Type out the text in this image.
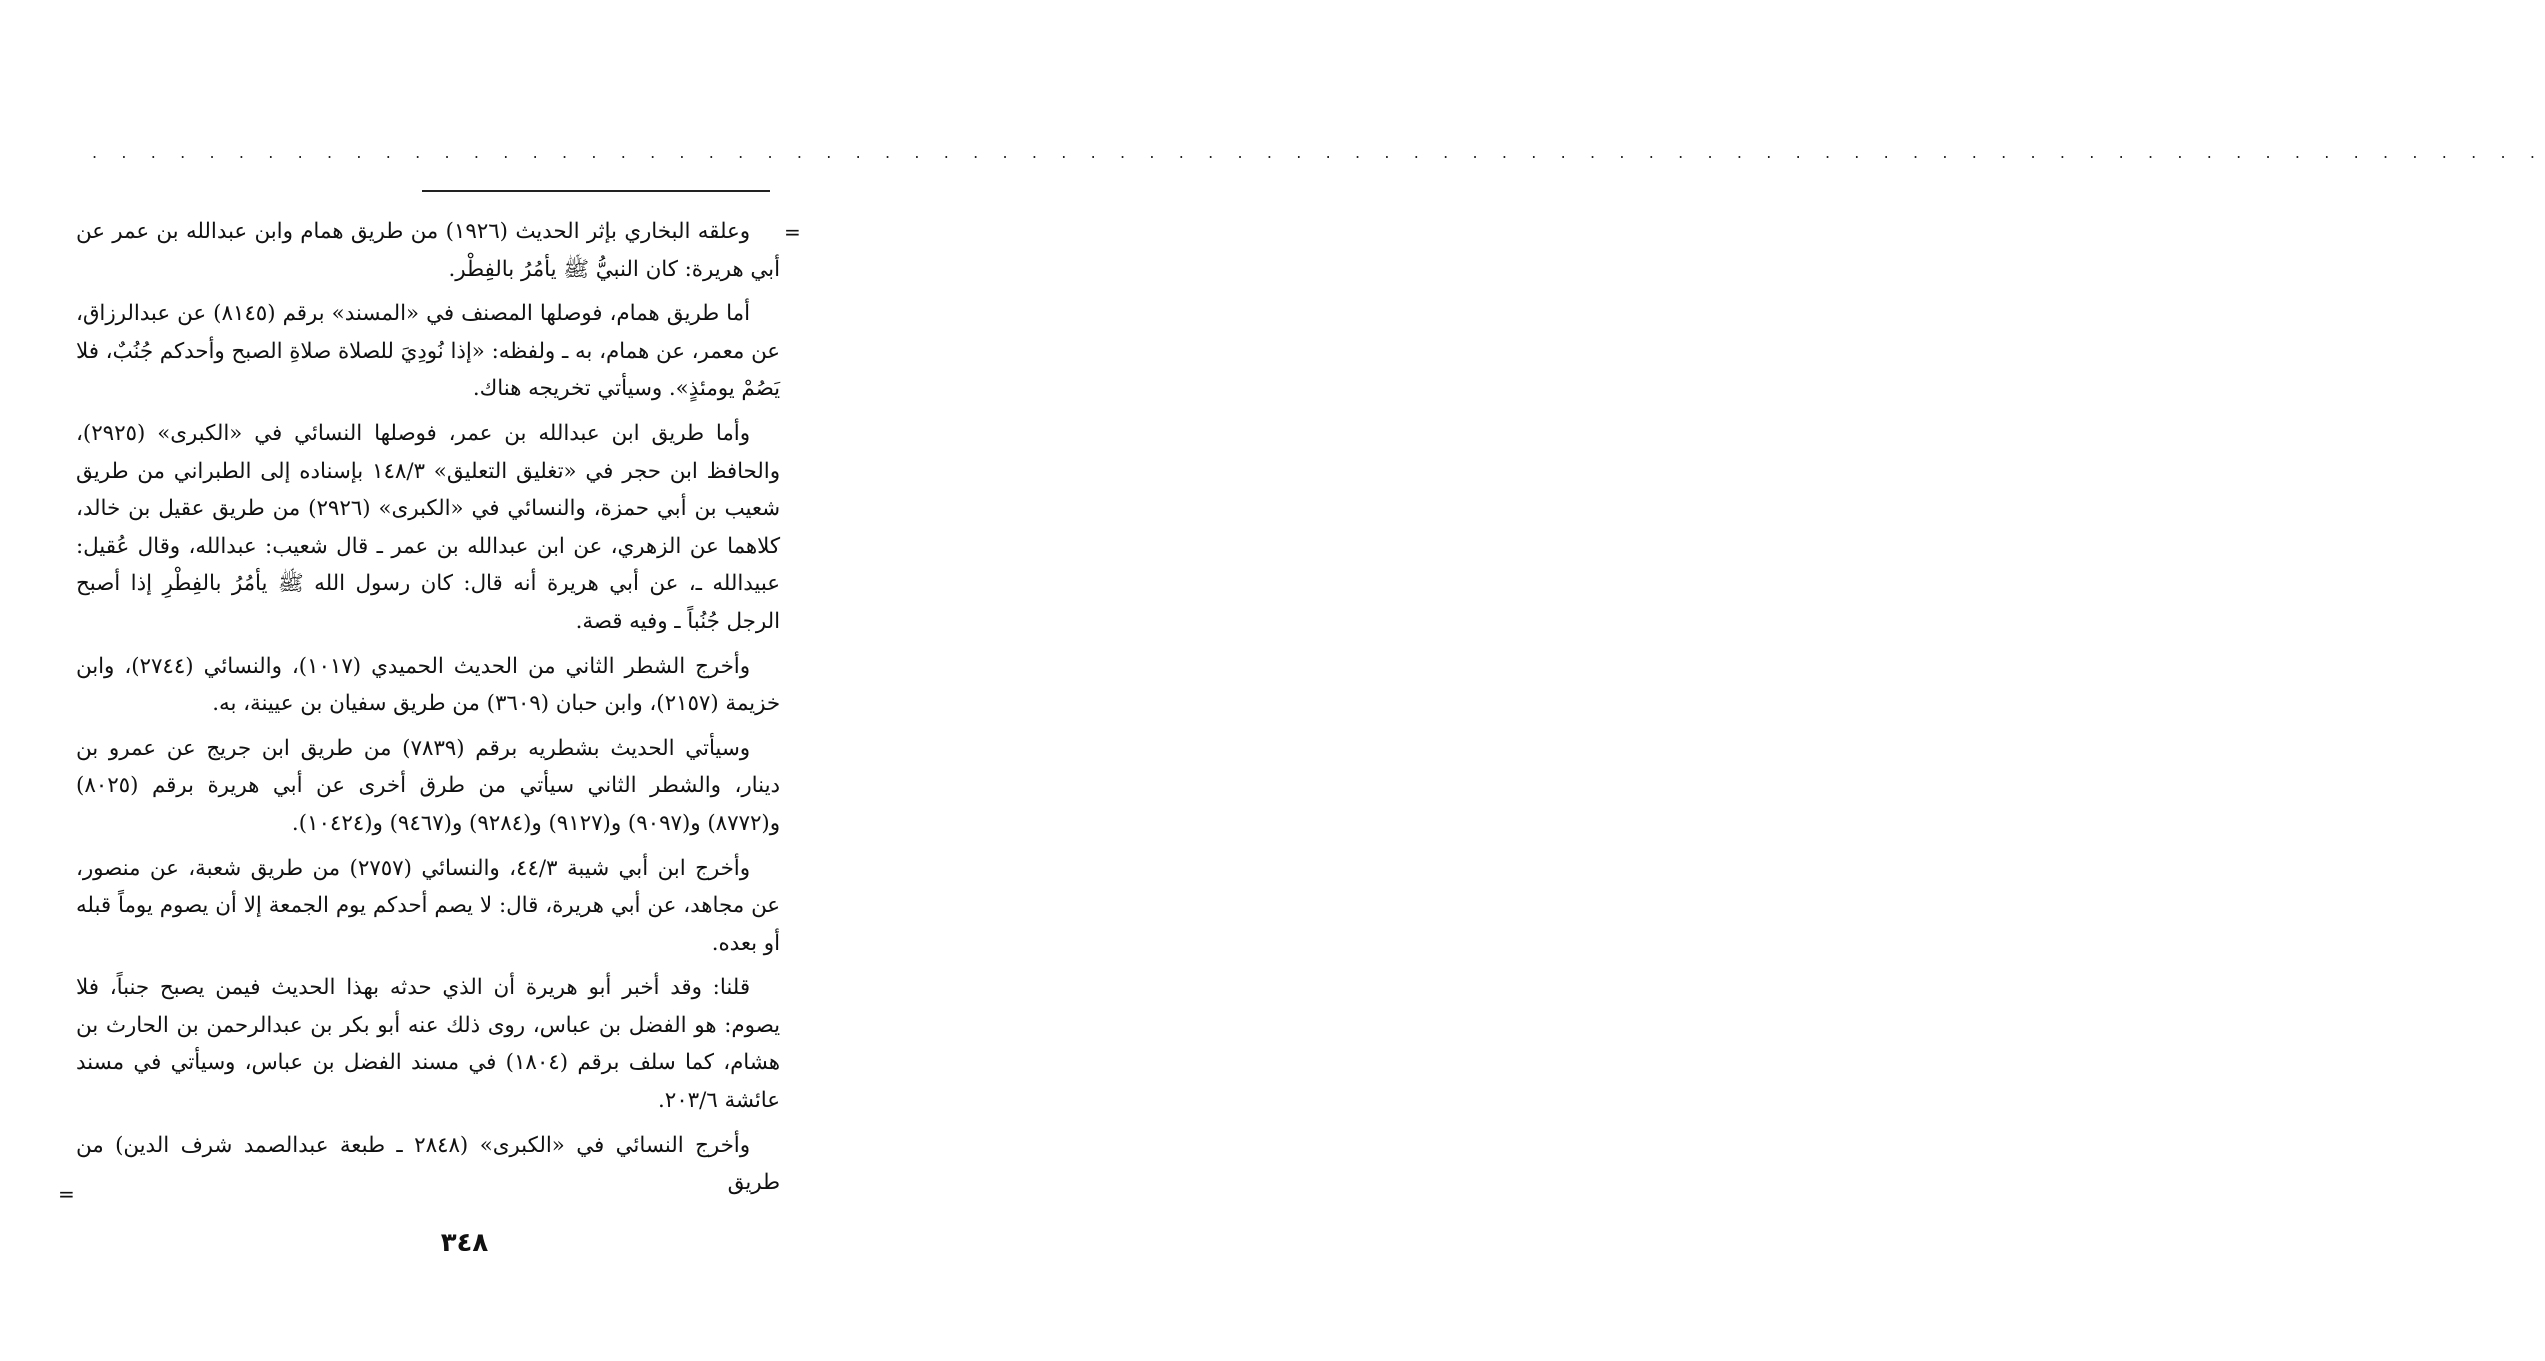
. . . . . . . . . . . . . . . . . . . . . . . . . . . . . . . . . . . . . . . . . . . . . . . . . . . . . . . . . . . . . . . . . . . . . . . . . . . . . . . . . . . .
=

وعلقه البخاري بإثر الحديث (١٩٢٦) من طريق همام وابن عبدالله بن عمر عن أبي هريرة: كان النبيُّ ﷺ يأمُرُ بالفِطْر.

أما طريق همام، فوصلها المصنف في «المسند» برقم (٨١٤٥) عن عبدالرزاق، عن معمر، عن همام، به ـ ولفظه: «إذا نُودِيَ للصلاة صلاةِ الصبح وأحدكم جُنُبٌ، فلا يَصُمْ يومئذٍ». وسيأتي تخريجه هناك.

وأما طريق ابن عبدالله بن عمر، فوصلها النسائي في «الكبرى» (٢٩٢٥)، والحافظ ابن حجر في «تغليق التعليق» ١٤٨/٣ بإسناده إلى الطبراني من طريق شعيب بن أبي حمزة، والنسائي في «الكبرى» (٢٩٢٦) من طريق عقيل بن خالد، كلاهما عن الزهري، عن ابن عبدالله بن عمر ـ قال شعيب: عبدالله، وقال عُقيل: عبيدالله ـ، عن أبي هريرة أنه قال: كان رسول الله ﷺ يأمُرُ بالفِطْرِ إذا أصبح الرجل جُنُباً ـ وفيه قصة.

وأخرج الشطر الثاني من الحديث الحميدي (١٠١٧)، والنسائي (٢٧٤٤)، وابن خزيمة (٢١٥٧)، وابن حبان (٣٦٠٩) من طريق سفيان بن عيينة، به.

وسيأتي الحديث بشطريه برقم (٧٨٣٩) من طريق ابن جريج عن عمرو بن دينار، والشطر الثاني سيأتي من طرق أخرى عن أبي هريرة برقم (٨٠٢٥) و(٨٧٧٢) و(٩٠٩٧) و(٩١٢٧) و(٩٢٨٤) و(٩٤٦٧) و(١٠٤٢٤).

وأخرج ابن أبي شيبة ٤٤/٣، والنسائي (٢٧٥٧) من طريق شعبة، عن منصور، عن مجاهد، عن أبي هريرة، قال: لا يصم أحدكم يوم الجمعة إلا أن يصوم يوماً قبله أو بعده.

قلنا: وقد أخبر أبو هريرة أن الذي حدثه بهذا الحديث فيمن يصبح جنباً، فلا يصوم: هو الفضل بن عباس، روى ذلك عنه أبو بكر بن عبدالرحمن بن الحارث بن هشام، كما سلف برقم (١٨٠٤) في مسند الفضل بن عباس، وسيأتي في مسند عائشة ٢٠٣/٦.

وأخرج النسائي في «الكبرى» (٢٨٤٨ ـ طبعة عبدالصمد شرف الدين) من طريق

=
٣٤٨
